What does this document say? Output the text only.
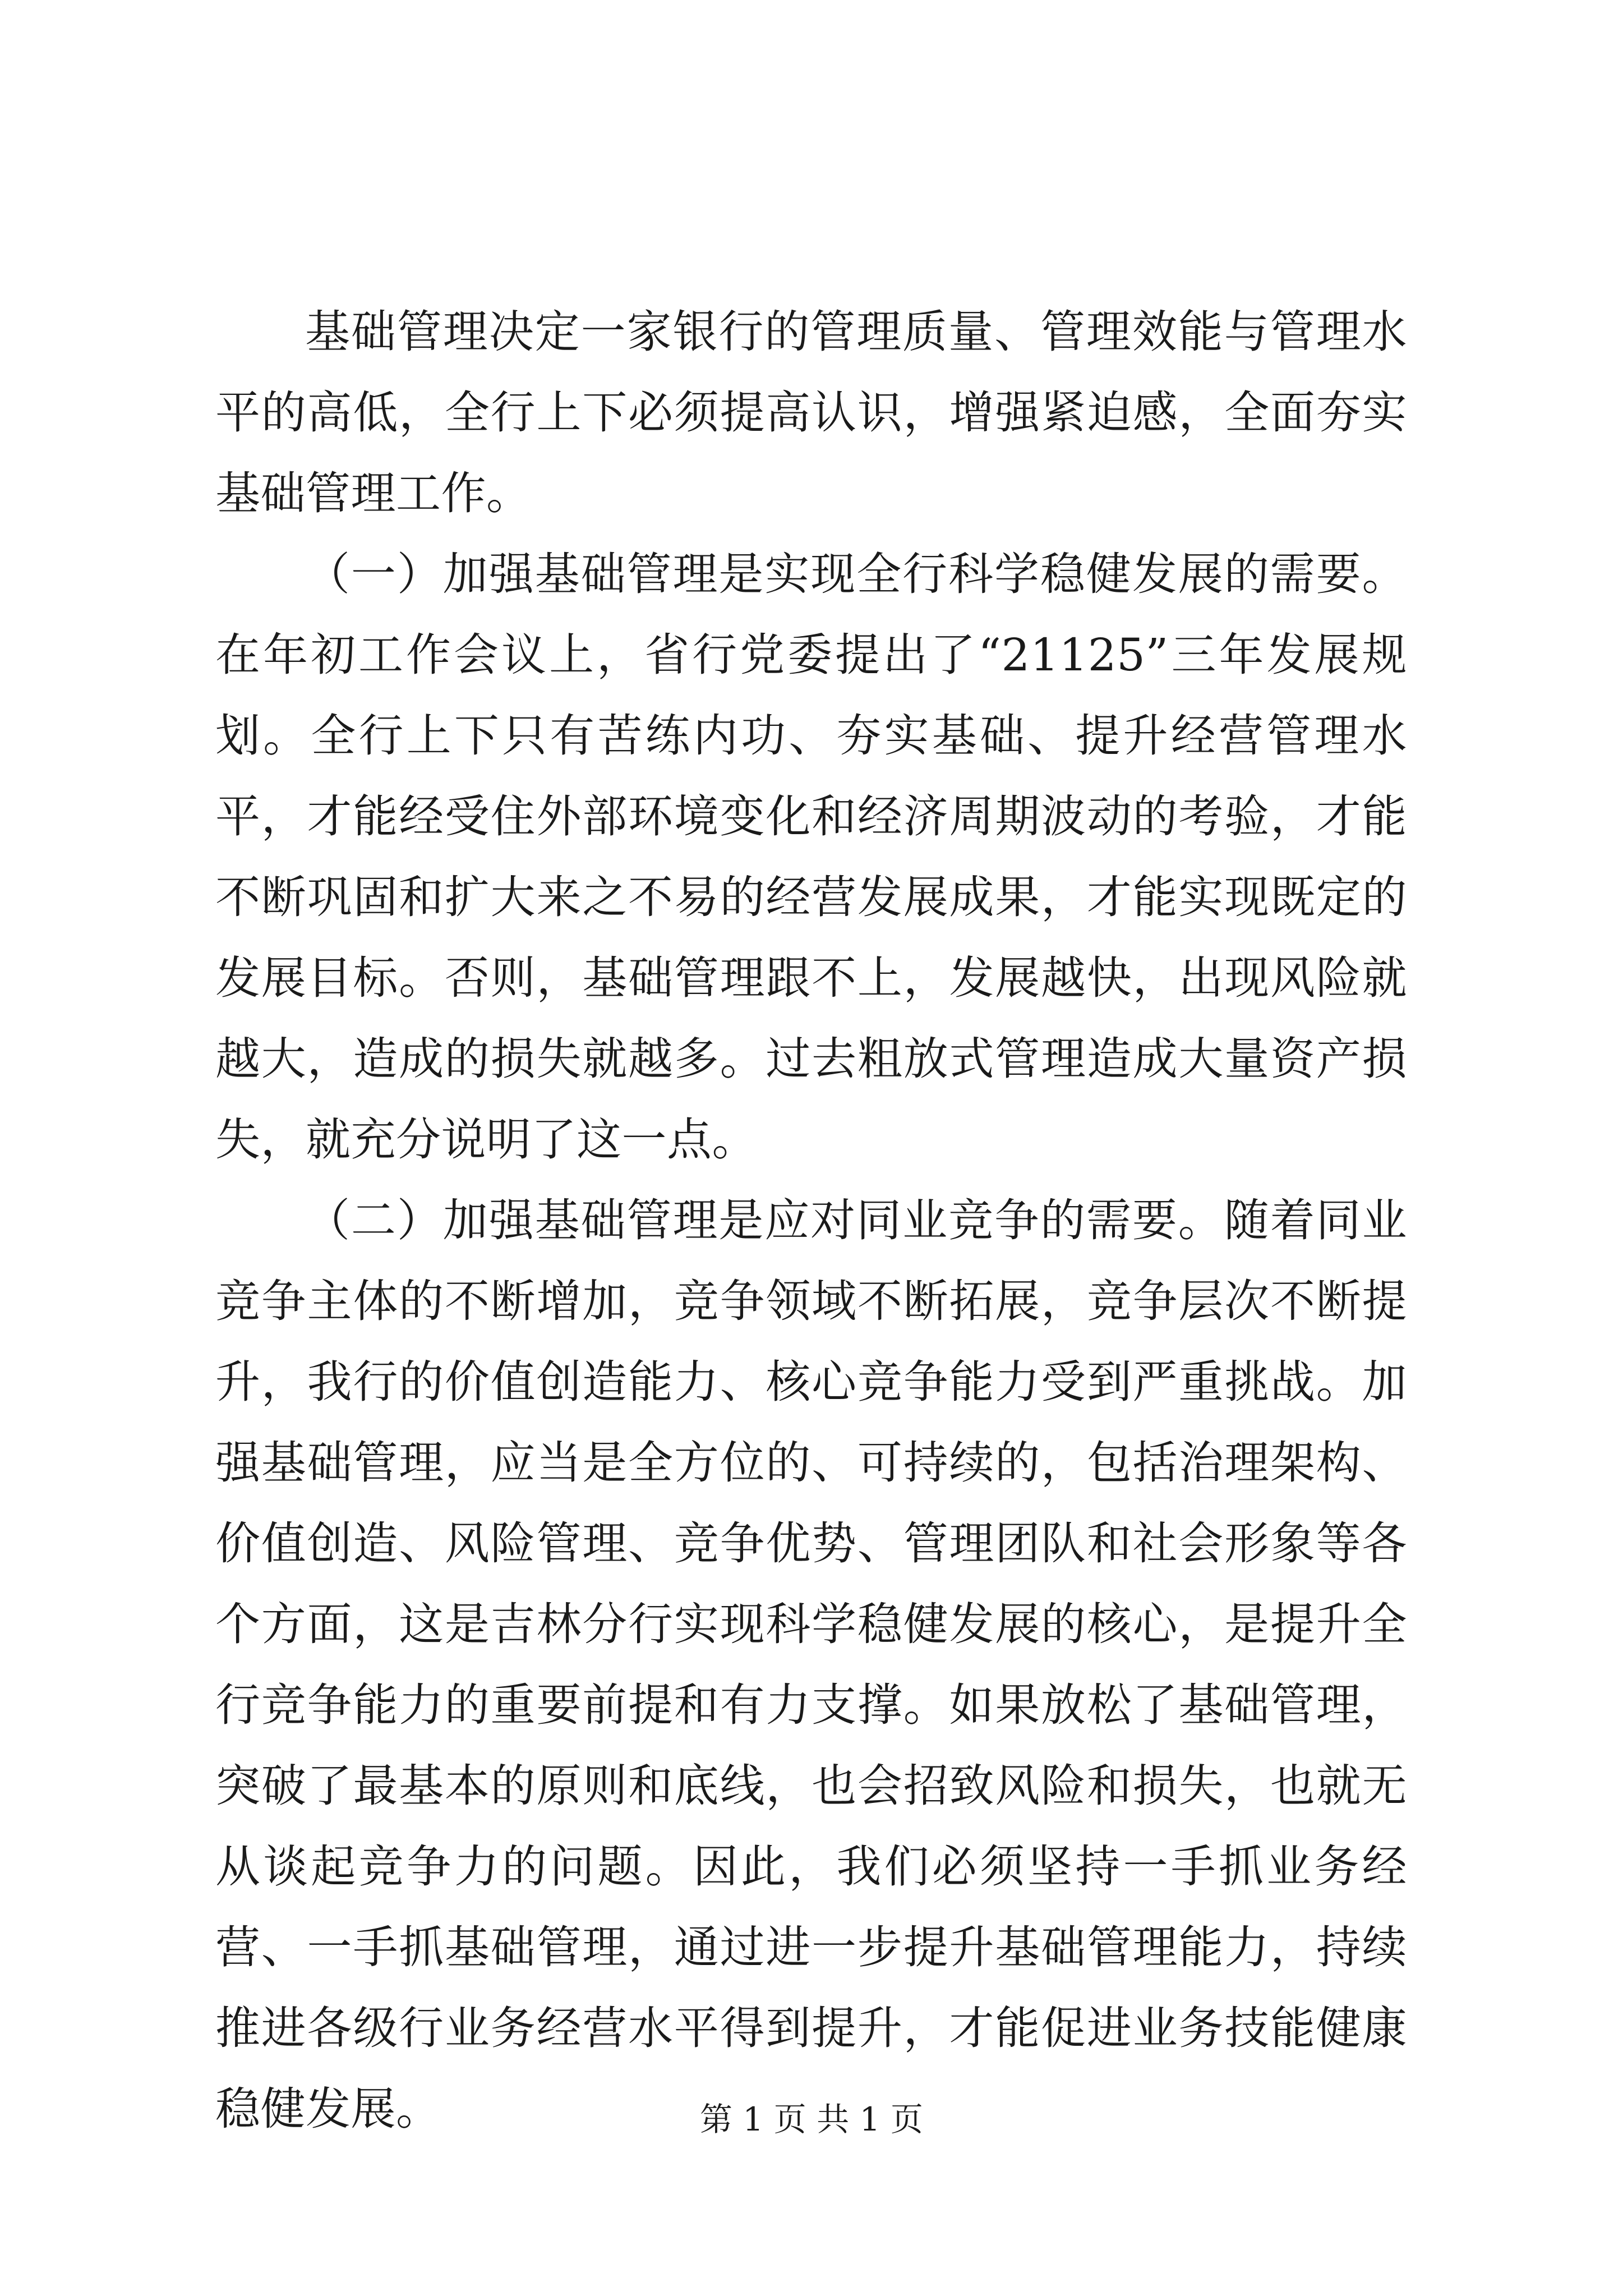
基础管理决定一家银行的管理质量、管理效能与管理水平的高低，全行上下必须提高认识，增强紧迫感，全面夯实基础管理工作。

（一）加强基础管理是实现全行科学稳健发展的需要。在年初工作会议上，省行党委提出了“21125”三年发展规划。全行上下只有苦练内功、夯实基础、提升经营管理水平，才能经受住外部环境变化和经济周期波动的考验，才能不断巩固和扩大来之不易的经营发展成果，才能实现既定的发展目标。否则，基础管理跟不上，发展越快，出现风险就越大，造成的损失就越多。过去粗放式管理造成大量资产损失，就充分说明了这一点。

（二）加强基础管理是应对同业竞争的需要。随着同业竞争主体的不断增加，竞争领域不断拓展，竞争层次不断提升，我行的价值创造能力、核心竞争能力受到严重挑战。加强基础管理，应当是全方位的、可持续的，包括治理架构、价值创造、风险管理、竞争优势、管理团队和社会形象等各个方面，这是吉林分行实现科学稳健发展的核心，是提升全行竞争能力的重要前提和有力支撑。如果放松了基础管理，突破了最基本的原则和底线，也会招致风险和损失，也就无从谈起竞争力的问题。因此，我们必须坚持一手抓业务经营、一手抓基础管理，通过进一步提升基础管理能力，持续推进各级行业务经营水平得到提升，才能促进业务技能健康稳健发展。	第 1 页 共 1 页
